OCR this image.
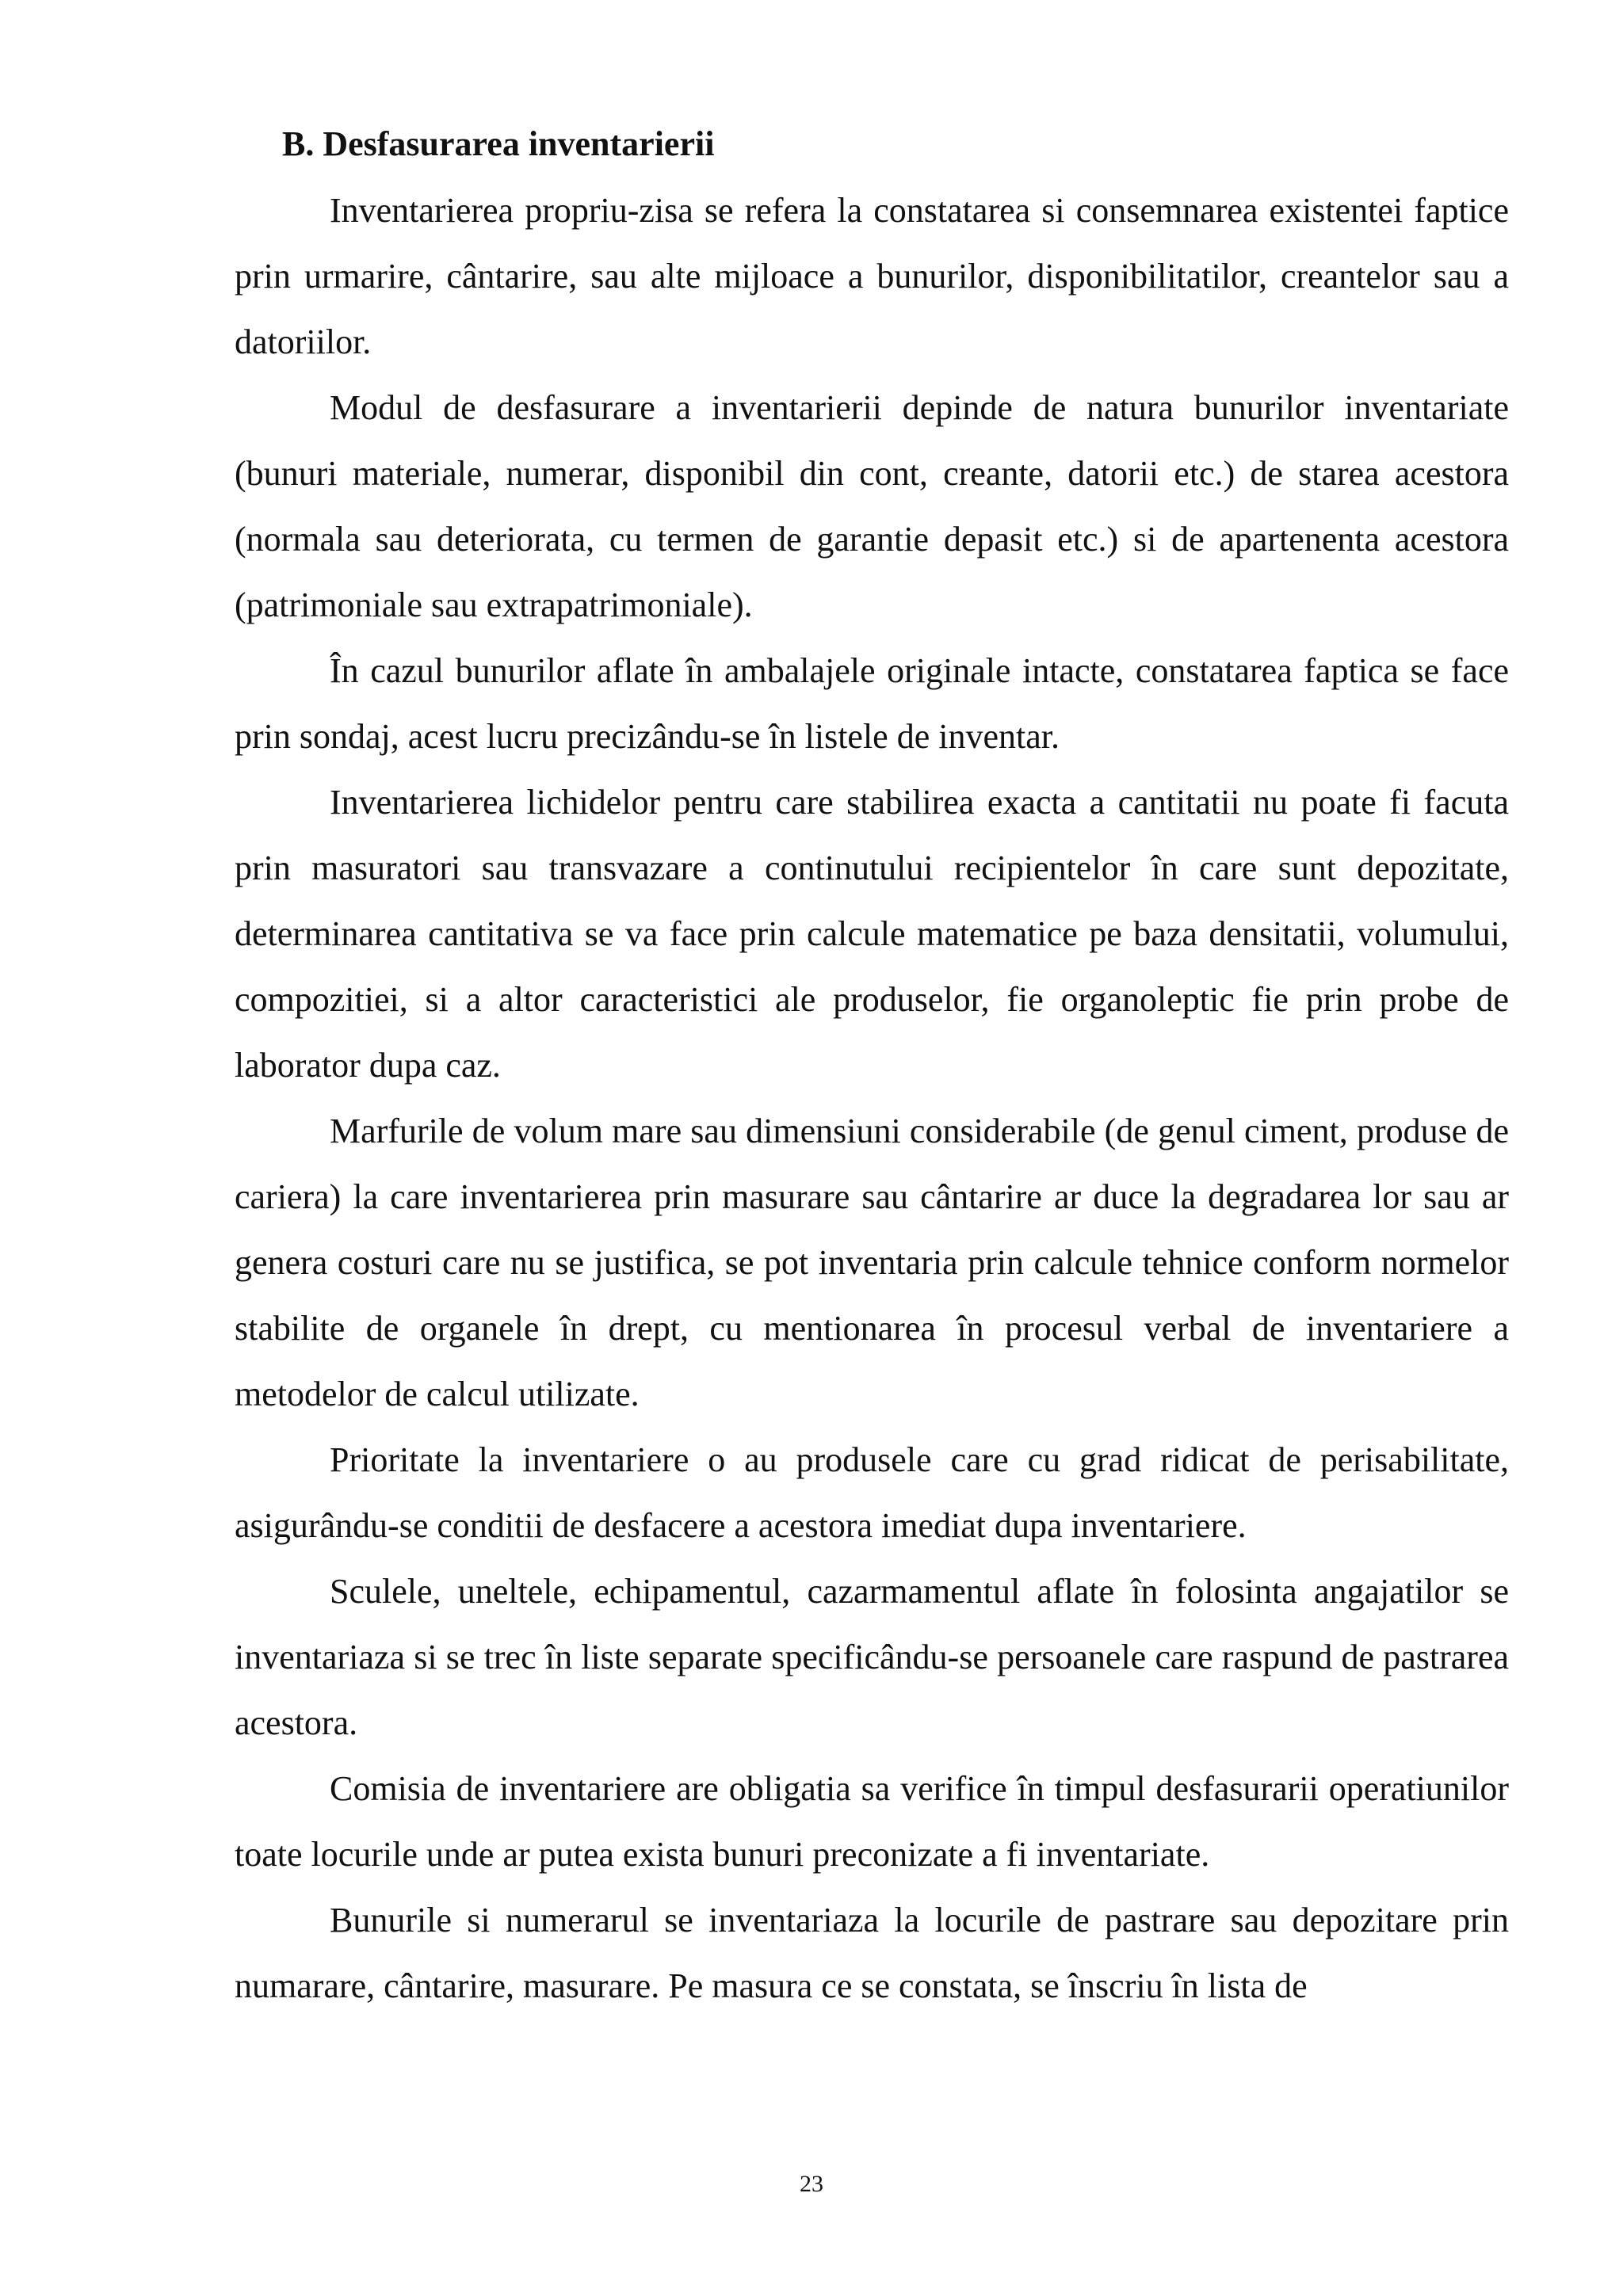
B. Desfasurarea inventarierii

Inventarierea propriu-zisa se refera la constatarea si consemnarea existentei faptice prin urmarire, cântarire, sau alte mijloace a bunurilor, disponibilitatilor, creantelor sau a datoriilor.

Modul de desfasurare a inventarierii depinde de natura bunurilor inventariate (bunuri materiale, numerar, disponibil din cont, creante, datorii etc.) de starea acestora (normala sau deteriorata, cu termen de garantie depasit etc.) si de apartenenta acestora (patrimoniale sau extrapatrimoniale).

În cazul bunurilor aflate în ambalajele originale intacte, constatarea faptica se face prin sondaj, acest lucru precizându-se în listele de inventar.

Inventarierea lichidelor pentru care stabilirea exacta a cantitatii nu poate fi facuta prin masuratori sau transvazare a continutului recipientelor în care sunt depozitate, determinarea cantitativa se va face prin calcule matematice pe baza densitatii, volumului, compozitiei, si a altor caracteristici ale produselor, fie organoleptic fie prin probe de laborator dupa caz.

Marfurile de volum mare sau dimensiuni considerabile (de genul ciment, produse de cariera) la care inventarierea prin masurare sau cântarire ar duce la degradarea lor sau ar genera costuri care nu se justifica, se pot inventaria prin calcule tehnice conform normelor stabilite de organele în drept, cu mentionarea în procesul verbal de inventariere a metodelor de calcul utilizate.

Prioritate la inventariere o au produsele care cu grad ridicat de perisabilitate, asigurându-se conditii de desfacere a acestora imediat dupa inventariere.

Sculele, uneltele, echipamentul, cazarmamentul aflate în folosinta angajatilor se inventariaza si se trec în liste separate specificându-se persoanele care raspund de pastrarea acestora.

Comisia de inventariere are obligatia sa verifice în timpul desfasurarii operatiunilor toate locurile unde ar putea exista bunuri preconizate a fi inventariate.

Bunurile si numerarul se inventariaza la locurile de pastrare sau depozitare prin numarare, cântarire, masurare. Pe masura ce se constata, se înscriu în lista de

23
